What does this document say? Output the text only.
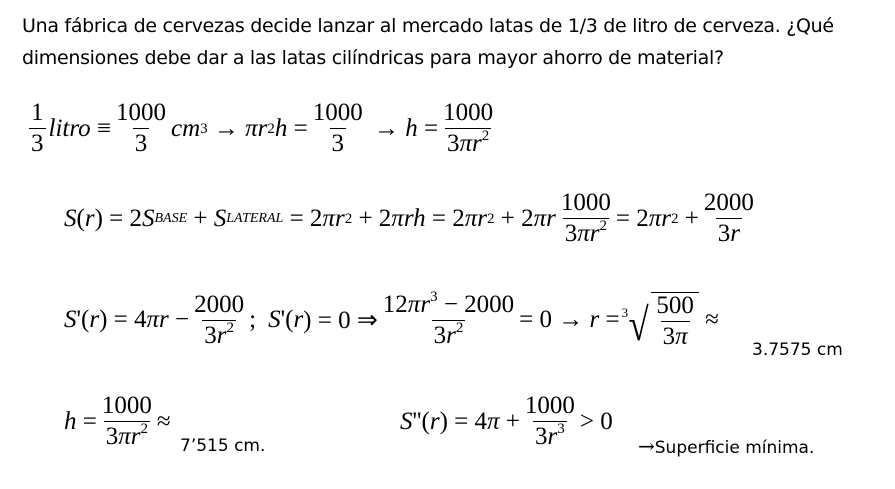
Una fábrica de cervezas decide lanzar al mercado latas de 1/3 de litro de cerveza. ¿Qué dimensiones debe dar a las latas cilíndricas para mayor ahorro de material?
$\frac{1}{3}$ litro ≡ $\frac{1000}{3}$ cm 3 → πr 2 $h = \frac{1000}{3} \to h = \frac{1000}{3\pi r^2}$
S ( r ) = 2 S BASE + S LATERAL = 2 πr 2 + 2 πrh = 2 πr 2 + 2 πr $\frac{1000}{3\pi r^2} = 2$ πr $2 + \frac{2000}{3r}$
S '( r ) = 4 $\pi r - \frac{2000}{3r^2}$ ; S '( r ) = 0 ⇒ $\frac{12\pi r^3 - 2000}{3r^2} = 0 \to r = 3$ √ $\frac{500}{3\pi}$ ≈
3.7575 cm
$h = \frac{1000}{3\pi r^2}$ ≈
7’515 cm.
S ''( r ) = 4 $\pi + \frac{1000}{3r^3} > 0$
→Superficie mínima.
